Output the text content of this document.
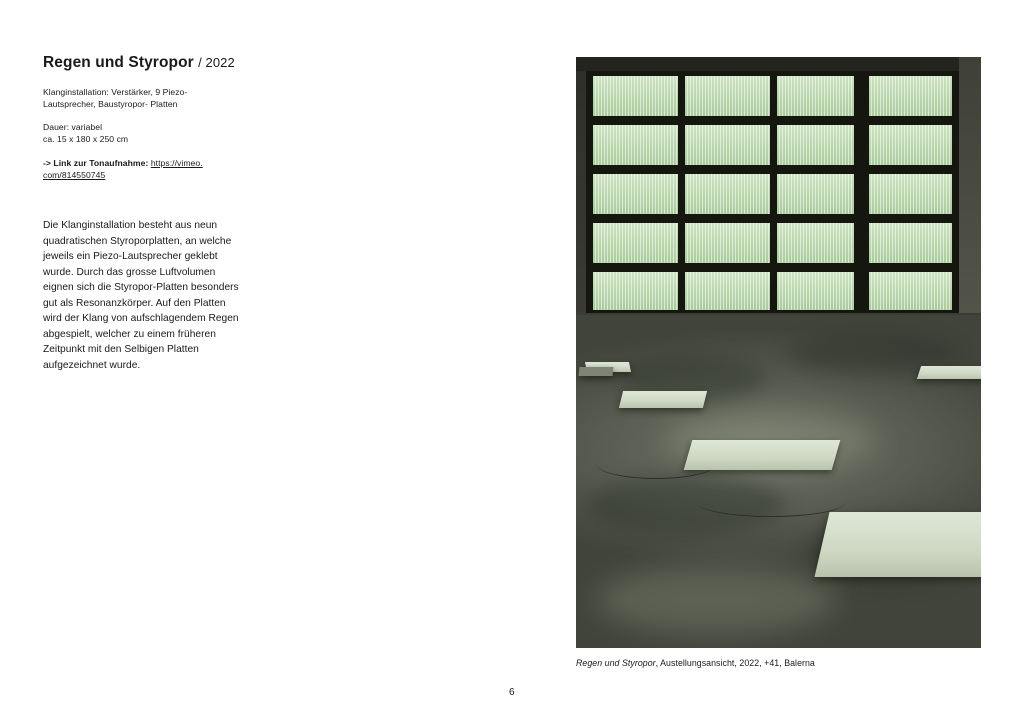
Regen und Styropor / 2022

Klanginstallation: Verstärker, 9 Piezo-

Lautsprecher, Baustyropor- Platten

Dauer: variabel

ca. 15 x 180 x 250 cm

-> Link zur Tonaufnahme: https://vimeo.
com/814550745

Die Klanginstallation besteht aus neun quadratischen Styroporplatten, an welche jeweils ein Piezo-Lautsprecher geklebt wurde. Durch das grosse Luftvolumen eignen sich die Styropor-Platten besonders gut als Resonanzkörper. Auf den Platten wird der Klang von aufschlagendem Regen abgespielt, welcher zu einem früheren Zeitpunkt mit den Selbigen Platten aufgezeichnet wurde.

Regen und Styropor, Austellungsansicht, 2022, +41, Balerna
6
